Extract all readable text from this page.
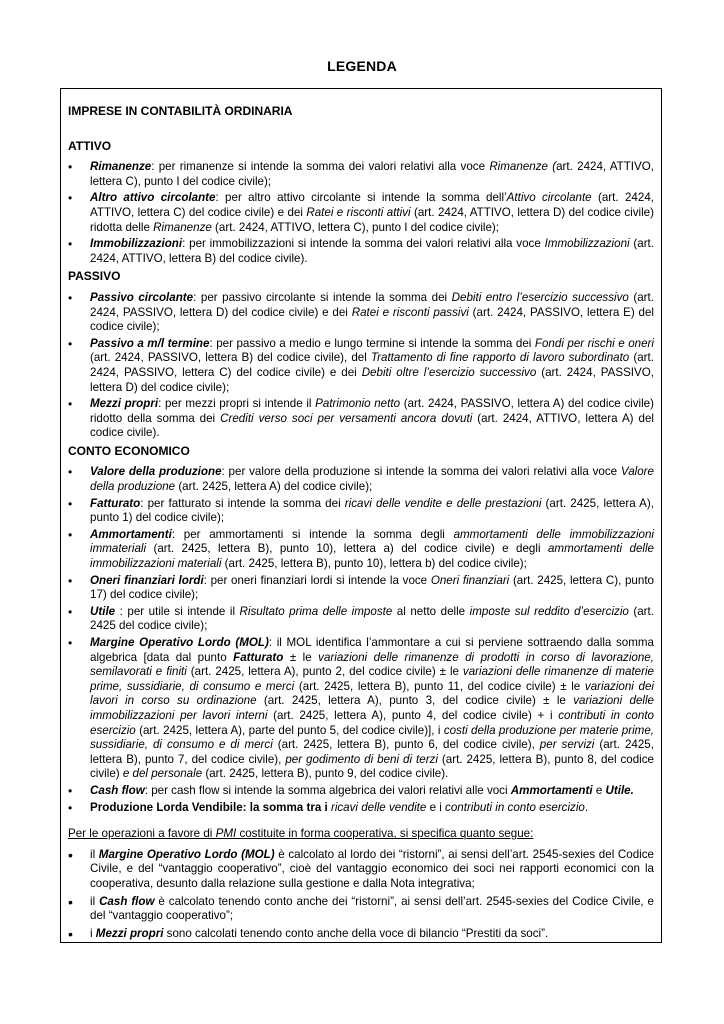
LEGENDA
IMPRESE IN CONTABILITÀ ORDINARIA
ATTIVO
• Rimanenze: per rimanenze si intende la somma dei valori relativi alla voce Rimanenze (art. 2424, ATTIVO, lettera C), punto I del codice civile);
• Altro attivo circolante: per altro attivo circolante si intende la somma dell’Attivo circolante (art. 2424, ATTIVO, lettera C) del codice civile) e dei Ratei e risconti attivi (art. 2424, ATTIVO, lettera D) del codice civile) ridotta delle Rimanenze (art. 2424, ATTIVO, lettera C), punto I del codice civile);
• Immobilizzazioni: per immobilizzazioni si intende la somma dei valori relativi alla voce Immobilizzazioni (art. 2424, ATTIVO, lettera B) del codice civile).
PASSIVO
• Passivo circolante: per passivo circolante si intende la somma dei Debiti entro l’esercizio successivo (art. 2424, PASSIVO, lettera D) del codice civile) e dei Ratei e risconti passivi (art. 2424, PASSIVO, lettera E) del codice civile);
• Passivo a m/l termine: per passivo a medio e lungo termine si intende la somma dei Fondi per rischi e oneri (art. 2424, PASSIVO, lettera B) del codice civile), del Trattamento di fine rapporto di lavoro subordinato (art. 2424, PASSIVO, lettera C) del codice civile) e dei Debiti oltre l’esercizio successivo (art. 2424, PASSIVO, lettera D) del codice civile);
• Mezzi propri: per mezzi propri si intende il Patrimonio netto (art. 2424, PASSIVO, lettera A) del codice civile) ridotto della somma dei Crediti verso soci per versamenti ancora dovuti (art. 2424, ATTIVO, lettera A) del codice civile).
CONTO ECONOMICO
• Valore della produzione: per valore della produzione si intende la somma dei valori relativi alla voce Valore della produzione (art. 2425, lettera A) del codice civile);
• Fatturato: per fatturato si intende la somma dei ricavi delle vendite e delle prestazioni (art. 2425, lettera A), punto 1) del codice civile);
• Ammortamenti: per ammortamenti si intende la somma degli ammortamenti delle immobilizzazioni immateriali (art. 2425, lettera B), punto 10), lettera a) del codice civile) e degli ammortamenti delle immobilizzazioni materiali (art. 2425, lettera B), punto 10), lettera b) del codice civile);
• Oneri finanziari lordi: per oneri finanziari lordi si intende la voce Oneri finanziari (art. 2425, lettera C), punto 17) del codice civile);
• Utile : per utile si intende il Risultato prima delle imposte al netto delle imposte sul reddito d’esercizio (art. 2425 del codice civile);
• Margine Operativo Lordo (MOL): il MOL identifica l’ammontare a cui si perviene sottraendo dalla somma algebrica [data dal punto Fatturato ± le variazioni delle rimanenze di prodotti in corso di lavorazione, semilavorati e finiti (art. 2425, lettera A), punto 2, del codice civile) ± le variazioni delle rimanenze di materie prime, sussidiarie, di consumo e merci (art. 2425, lettera B), punto 11, del codice civile) ± le variazioni dei lavori in corso su ordinazione (art. 2425, lettera A), punto 3, del codice civile) ± le variazioni delle immobilizzazioni per lavori interni (art. 2425, lettera A), punto 4, del codice civile) + i contributi in conto esercizio (art. 2425, lettera A), parte del punto 5, del codice civile)], i costi della produzione per materie prime, sussidiarie, di consumo e di merci (art. 2425, lettera B), punto 6, del codice civile), per servizi (art. 2425, lettera B), punto 7, del codice civile), per godimento di beni di terzi (art. 2425, lettera B), punto 8, del codice civile) e del personale (art. 2425, lettera B), punto 9, del codice civile).
• Cash flow: per cash flow si intende la somma algebrica dei valori relativi alle voci Ammortamenti e Utile.
• Produzione Lorda Vendibile: la somma tra i ricavi delle vendite e i contributi in conto esercizio.

Per le operazioni a favore di PMI costituite in forma cooperativa, si specifica quanto segue:

• il Margine Operativo Lordo (MOL) è calcolato al lordo dei “ristorni”, ai sensi dell’art. 2545-sexies del Codice Civile, e del “vantaggio cooperativo”, cioè del vantaggio economico dei soci nei rapporti economici con la cooperativa, desunto dalla relazione sulla gestione e dalla Nota integrativa;
• il Cash flow è calcolato tenendo conto anche dei “ristorni”, ai sensi dell’art. 2545-sexies del Codice Civile, e del “vantaggio cooperativo”;
• i Mezzi propri sono calcolati tenendo conto anche della voce di bilancio “Prestiti da soci”.
